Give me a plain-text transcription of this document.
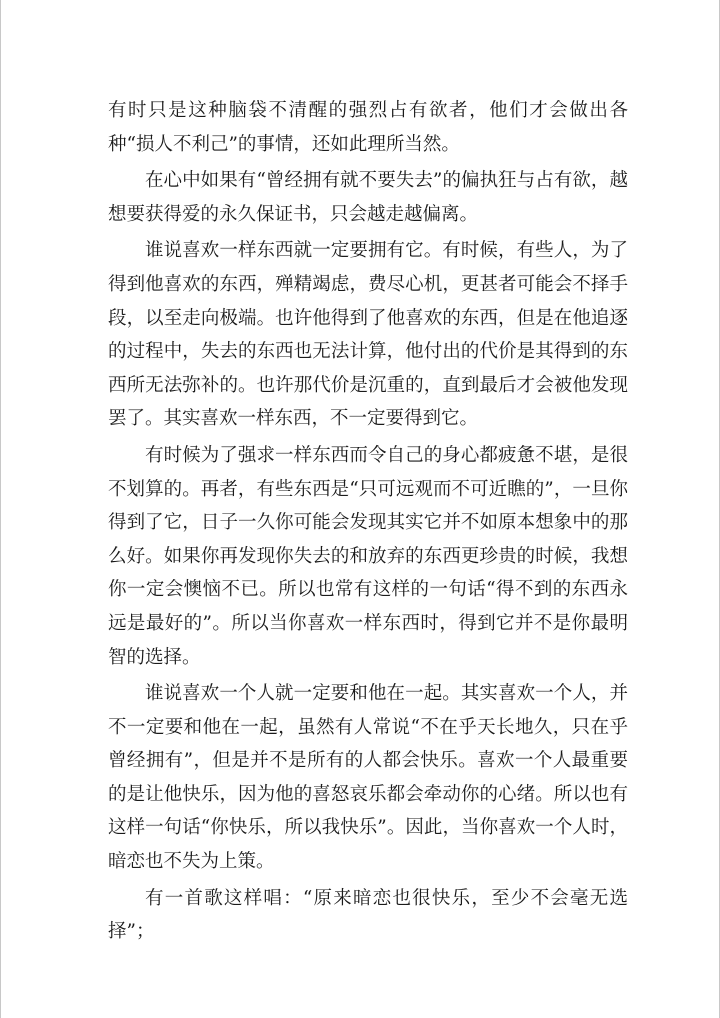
有时只是这种脑袋不清醒的强烈占有欲者，他们才会做出各种“损人不利己”的事情，还如此理所当然。

在心中如果有“曾经拥有就不要失去”的偏执狂与占有欲，越想要获得爱的永久保证书，只会越走越偏离。

谁说喜欢一样东西就一定要拥有它。有时候，有些人，为了得到他喜欢的东西，殚精竭虑，费尽心机，更甚者可能会不择手段，以至走向极端。也许他得到了他喜欢的东西，但是在他追逐的过程中，失去的东西也无法计算，他付出的代价是其得到的东西所无法弥补的。也许那代价是沉重的，直到最后才会被他发现罢了。其实喜欢一样东西，不一定要得到它。

有时候为了强求一样东西而令自己的身心都疲惫不堪，是很不划算的。再者，有些东西是“只可远观而不可近瞧的”，一旦你得到了它，日子一久你可能会发现其实它并不如原本想象中的那么好。如果你再发现你失去的和放弃的东西更珍贵的时候，我想你一定会懊恼不已。所以也常有这样的一句话“得不到的东西永远是最好的”。所以当你喜欢一样东西时，得到它并不是你最明智的选择。

谁说喜欢一个人就一定要和他在一起。其实喜欢一个人，并不一定要和他在一起，虽然有人常说“不在乎天长地久，只在乎曾经拥有”，但是并不是所有的人都会快乐。喜欢一个人最重要的是让他快乐，因为他的喜怒哀乐都会牵动你的心绪。所以也有这样一句话“你快乐，所以我快乐”。因此，当你喜欢一个人时，暗恋也不失为上策。

有一首歌这样唱：“原来暗恋也很快乐，至少不会毫无选择”；
